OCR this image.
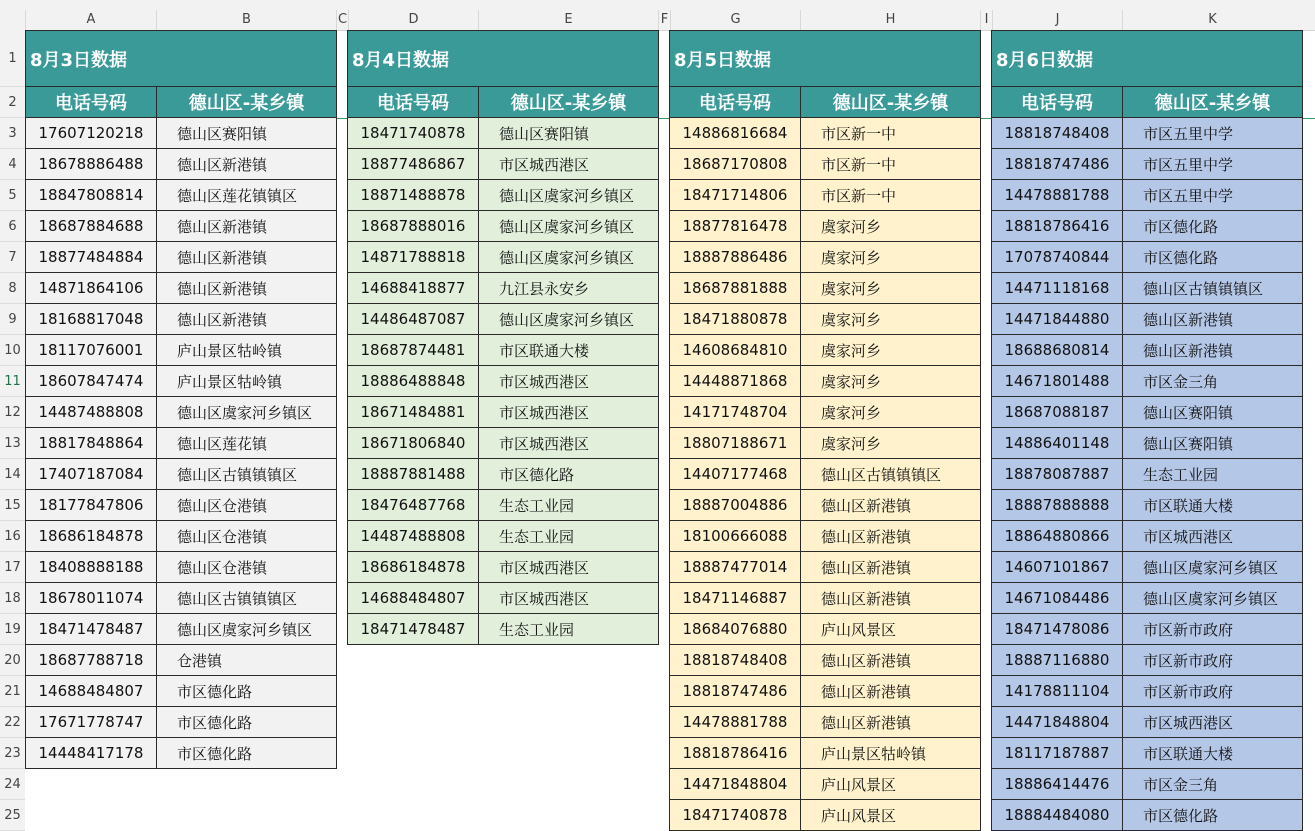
A	B	C	D	E	F	G	H	I	J	K
1
2
3
4
5
6
7
8
9
10
11
12
13
14
15
16
17
18
19
20
21
22
23
24
25
8月3日数据	
电话号码	德山区-某乡镇
17607120218	德山区赛阳镇
18678886488	德山区新港镇
18847808814	德山区莲花镇镇区
18687884688	德山区新港镇
18877484884	德山区新港镇
14871864106	德山区新港镇
18168817048	德山区新港镇
18117076001	庐山景区牯岭镇
18607847474	庐山景区牯岭镇
14487488808	德山区虞家河乡镇区
18817848864	德山区莲花镇
17407187084	德山区古镇镇镇区
18177847806	德山区仓港镇
18686184878	德山区仓港镇
18408888188	德山区仓港镇
18678011074	德山区古镇镇镇区
18471478487	德山区虞家河乡镇区
18687788718	仓港镇
14688484807	市区德化路
17671778747	市区德化路
14448417178	市区德化路
8月4日数据	
电话号码	德山区-某乡镇
18471740878	德山区赛阳镇
18877486867	市区城西港区
18871488878	德山区虞家河乡镇区
18687888016	德山区虞家河乡镇区
14871788818	德山区虞家河乡镇区
14688418877	九江县永安乡
14486487087	德山区虞家河乡镇区
18687874481	市区联通大楼
18886488848	市区城西港区
18671484881	市区城西港区
18671806840	市区城西港区
18887881488	市区德化路
18476487768	生态工业园
14487488808	生态工业园
18686184878	市区城西港区
14688484807	市区城西港区
18471478487	生态工业园
8月5日数据	
电话号码	德山区-某乡镇
14886816684	市区新一中
18687170808	市区新一中
18471714806	市区新一中
18877816478	虞家河乡
18887886486	虞家河乡
18687881888	虞家河乡
18471880878	虞家河乡
14608684810	虞家河乡
14448871868	虞家河乡
14171748704	虞家河乡
18807188671	虞家河乡
14407177468	德山区古镇镇镇区
18887004886	德山区新港镇
18100666088	德山区新港镇
18887477014	德山区新港镇
18471146887	德山区新港镇
18684076880	庐山风景区
18818748408	德山区新港镇
18818747486	德山区新港镇
14478881788	德山区新港镇
18818786416	庐山景区牯岭镇
14471848804	庐山风景区
18471740878	庐山风景区
8月6日数据	
电话号码	德山区-某乡镇
18818748408	市区五里中学
18818747486	市区五里中学
14478881788	市区五里中学
18818786416	市区德化路
17078740844	市区德化路
14471118168	德山区古镇镇镇区
14471844880	德山区新港镇
18688680814	德山区新港镇
14671801488	市区金三角
18687088187	德山区赛阳镇
14886401148	德山区赛阳镇
18878087887	生态工业园
18887888888	市区联通大楼
18864880866	市区城西港区
14607101867	德山区虞家河乡镇区
14671084486	德山区虞家河乡镇区
18471478086	市区新市政府
18887116880	市区新市政府
14178811104	市区新市政府
14471848804	市区城西港区
18117187887	市区联通大楼
18886414476	市区金三角
18884484080	市区德化路
